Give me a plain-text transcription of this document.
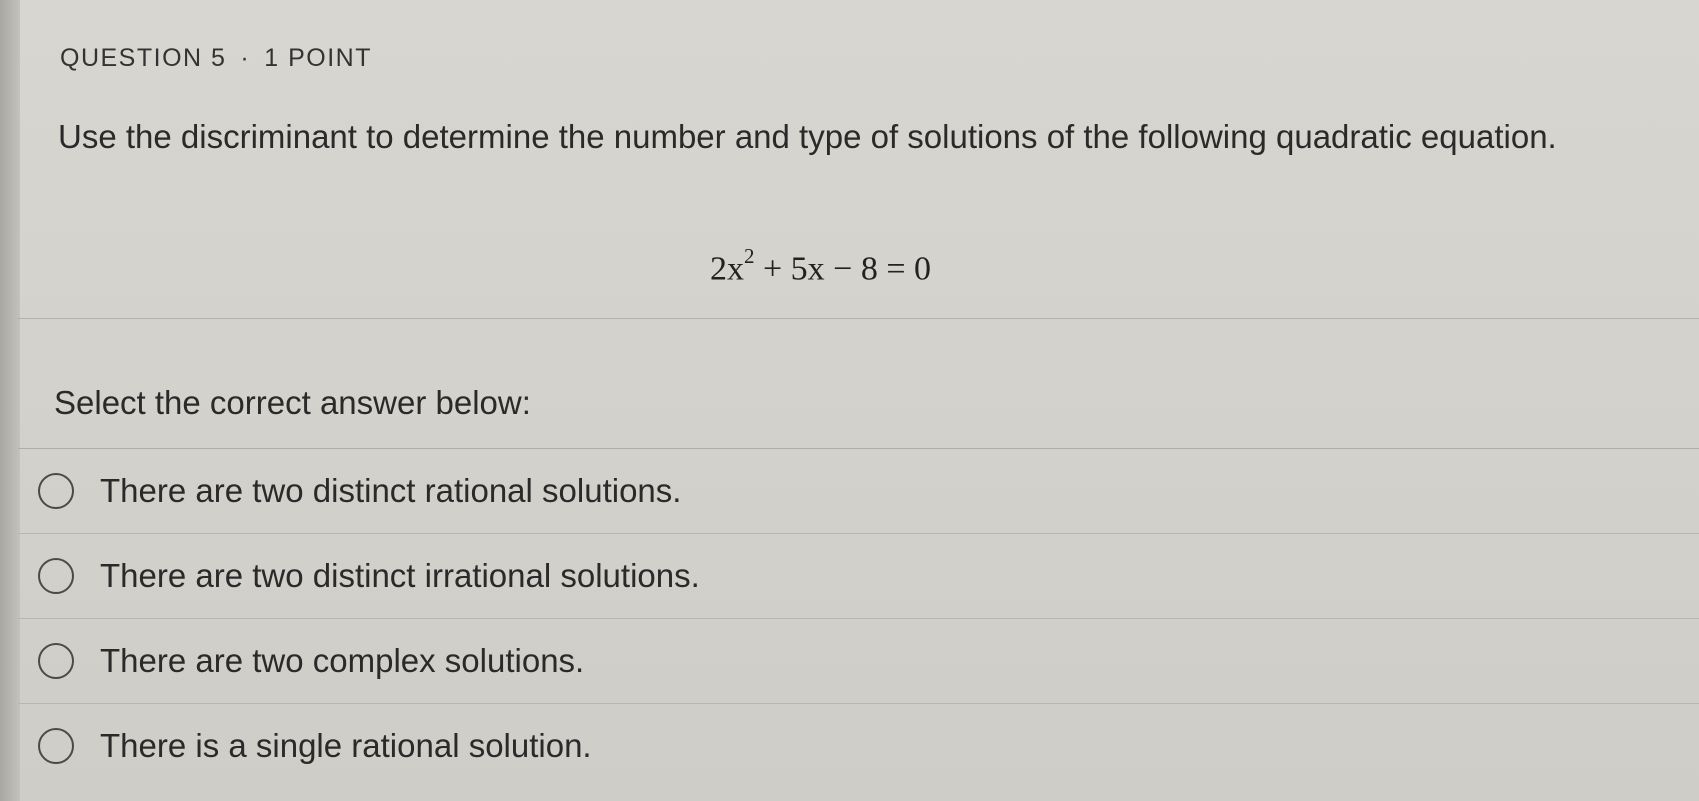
QUESTION 5 · 1 POINT
Use the discriminant to determine the number and type of solutions of the following quadratic equation.
$2x^2 + 5x - 8 = 0$
Select the correct answer below:
There are two distinct rational solutions.
There are two distinct irrational solutions.
There are two complex solutions.
There is a single rational solution.
